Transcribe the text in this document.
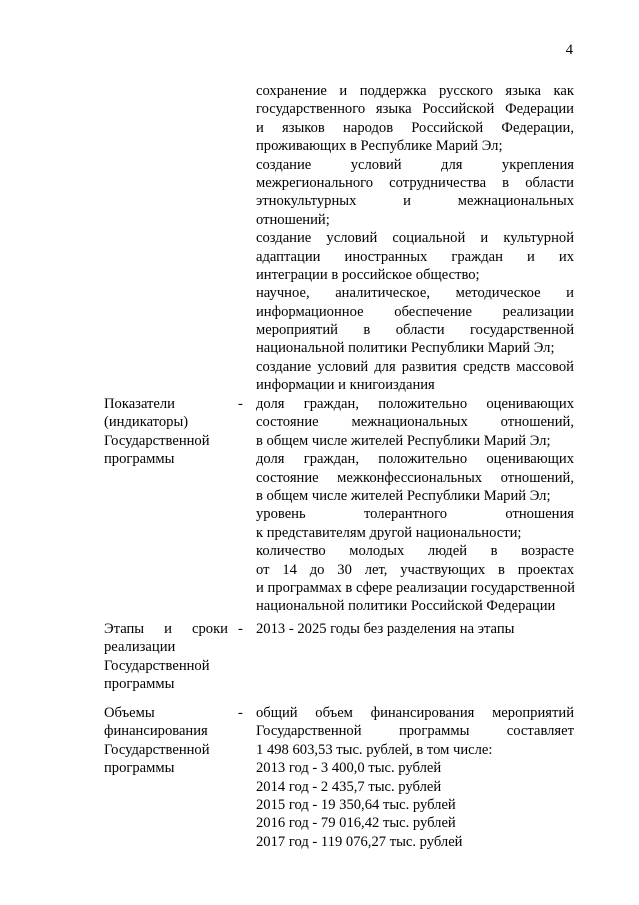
4
сохранение и поддержка русского языка как
государственного языка Российской Федерации
и языков народов Российской Федерации,
проживающих в Республике Марий Эл;
создание условий для укрепления
межрегионального сотрудничества в области
этнокультурных и межнациональных
отношений;
создание условий социальной и культурной
адаптации иностранных граждан и их
интеграции в российское общество;
научное, аналитическое, методическое и
информационное обеспечение реализации
мероприятий в области государственной
национальной политики Республики Марий Эл;
создание условий для развития средств массовой
информации и книгоиздания
Показатели
(индикаторы)
Государственной
программы
- доля граждан, положительно оценивающих
состояние межнациональных отношений,
в общем числе жителей Республики Марий Эл;
доля граждан, положительно оценивающих
состояние межконфессиональных отношений,
в общем числе жителей Республики Марий Эл;
уровень толерантного отношения
к представителям другой национальности;
количество молодых людей в возрасте
от 14 до 30 лет, участвующих в проектах
и программах в сфере реализации государственной
национальной политики Российской Федерации
Этапы и сроки
реализации
Государственной
программы
- 2013 - 2025 годы без разделения на этапы
Объемы
финансирования
Государственной
программы
- общий объем финансирования мероприятий
Государственной программы составляет
1 498 603,53 тыс. рублей, в том числе:
2013 год - 3 400,0 тыс. рублей
2014 год - 2 435,7 тыс. рублей
2015 год - 19 350,64 тыс. рублей
2016 год - 79 016,42 тыс. рублей
2017 год - 119 076,27 тыс. рублей
